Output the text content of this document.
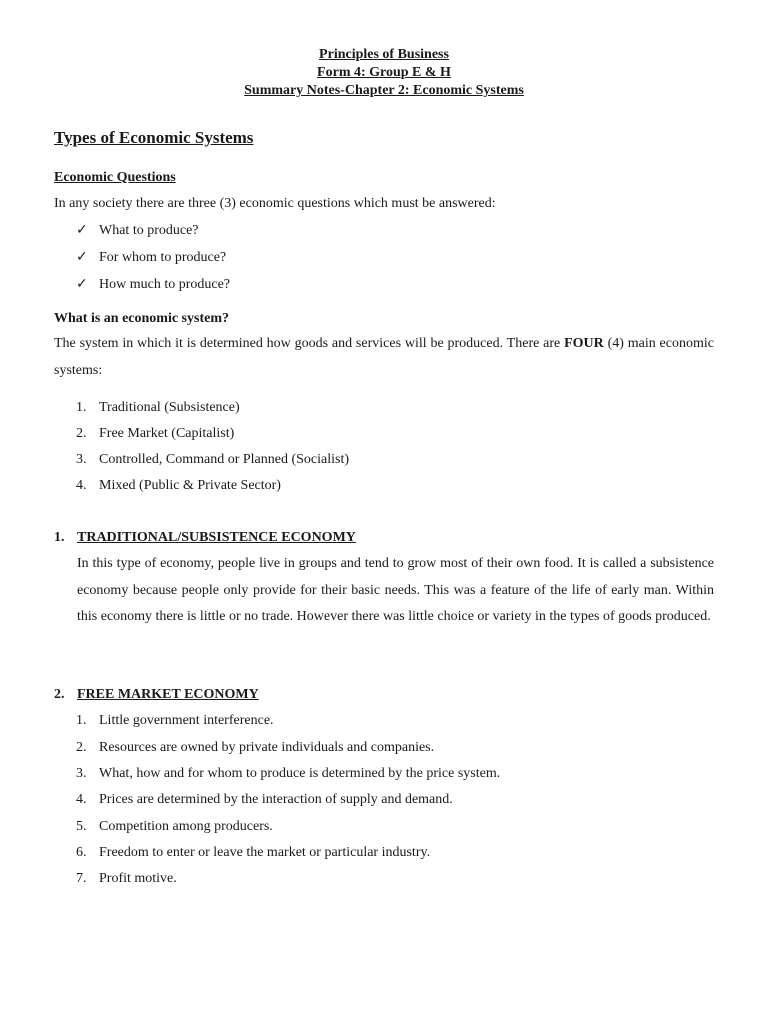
Principles of Business
Form 4: Group E & H
Summary Notes-Chapter 2: Economic Systems
Types of Economic Systems
Economic Questions
In any society there are three (3) economic questions which must be answered:
✓ What to produce?
✓ For whom to produce?
✓ How much to produce?
What is an economic system?
The system in which it is determined how goods and services will be produced. There are FOUR (4) main economic systems:
1. Traditional (Subsistence)
2. Free Market (Capitalist)
3. Controlled, Command or Planned (Socialist)
4. Mixed (Public & Private Sector)
1. TRADITIONAL/SUBSISTENCE ECONOMY
In this type of economy, people live in groups and tend to grow most of their own food. It is called a subsistence economy because people only provide for their basic needs. This was a feature of the life of early man. Within this economy there is little or no trade. However there was little choice or variety in the types of goods produced.
2. FREE MARKET ECONOMY
1. Little government interference.
2. Resources are owned by private individuals and companies.
3. What, how and for whom to produce is determined by the price system.
4. Prices are determined by the interaction of supply and demand.
5. Competition among producers.
6. Freedom to enter or leave the market or particular industry.
7. Profit motive.
